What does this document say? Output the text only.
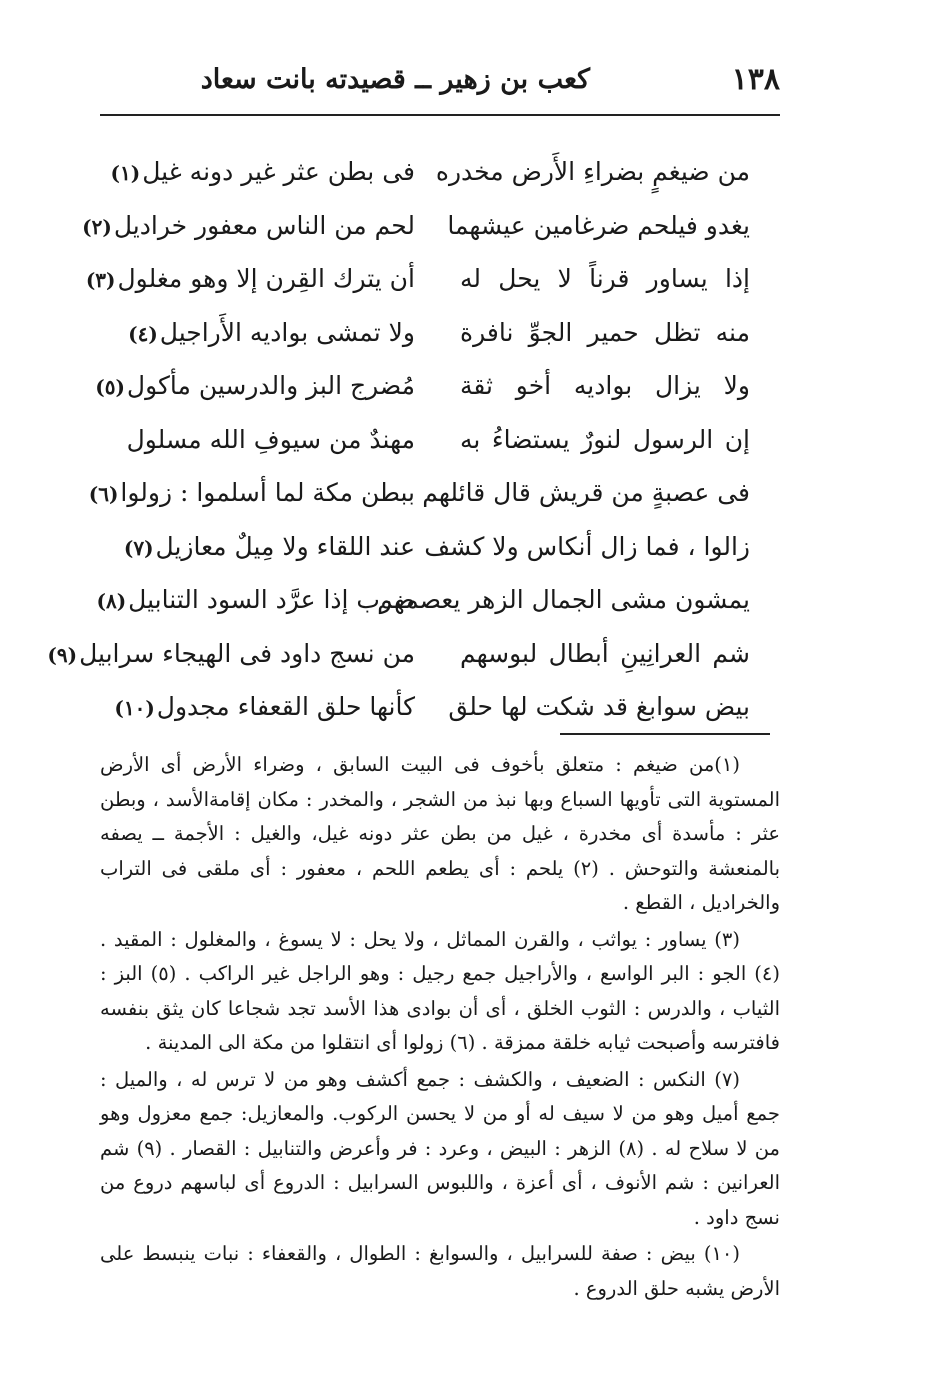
١٣٨
كعب بن زهير ــ قصيدته بانت سعاد
من ضيغمٍ بضراءِ الأَرض مخدره
فى بطن عثر غير دونه غيل(١)
يغدو فيلحم ضرغامين عيشهما
لحم من الناس معفور خراديل(٢)
إذا يساور قرناً لا يحل له
أن يترك القِرن إلا وهو مغلول(٣)
منه تظل حمير الجوِّ نافرة
ولا تمشى بواديه الأَراجيل(٤)
ولا يزال بواديه أخو ثقة
مُضرج البز والدرسين مأكول(٥)
إن الرسول لنورٌ يستضاءُ به
مهندٌ من سيوفِ الله مسلول
فى عصبةٍ من قريش قال قائلهم
ببطن مكة لما أسلموا : زولوا(٦)
زالوا ، فما زال أنكاس ولا كشف
عند اللقاء ولا مِيلٌ معازيل(٧)
يمشون مشى الجمال الزهر يعصمهم
ضرب إذا عرَّد السود التنابيل(٨)
شم العرانِينِ أبطال لبوسهم
من نسج داود فى الهيجاء سرابيل(٩)
بيض سوابغ قد شكت لها حلق
كأنها حلق القعفاء مجدول(١٠)

(١)من ضيغم : متعلق بأخوف فى البيت السابق ، وضراء الأرض أى الأرض المستوية التى تأويها السباع وبها نبذ من الشجر ، والمخدر : مكان إقامةالأسد ، وبطن عثر : مأسدة أى مخدرة ، غيل من بطن عثر دونه غيل، والغيل : الأجمة ــ يصفه بالمنعشة والتوحش . (٢) يلحم : أى يطعم اللحم ، معفور : أى ملقى فى التراب والخراديل ، القطع .

(٣) يساور : يواثب ، والقرن المماثل ، ولا يحل : لا يسوغ ، والمغلول : المقيد . (٤) الجو : البر الواسع ، والأراجيل جمع رجيل : وهو الراجل غير الراكب . (٥) البز : الثياب ، والدرس : الثوب الخلق ، أى أن بوادى هذا الأسد تجد شجاعا كان يثق بنفسه فافترسه وأصبحت ثيابه خلقة ممزقة . (٦) زولوا أى انتقلوا من مكة الى المدينة .

(٧) النكس : الضعيف ، والكشف : جمع أكشف وهو من لا ترس له ، والميل : جمع أميل وهو من لا سيف له أو من لا يحسن الركوب. والمعازيل: جمع معزول وهو من لا سلاح له . (٨) الزهر : البيض ، وعرد : فر وأعرض والتنابيل : القصار . (٩) شم العرانين : شم الأنوف ، أى أعزة ، واللبوس السرابيل : الدروع أى لباسهم دروع من نسج داود .

(١٠) بيض : صفة للسرابيل ، والسوابغ : الطوال ، والقعفاء : نبات ينبسط على الأرض يشبه حلق الدروع .
